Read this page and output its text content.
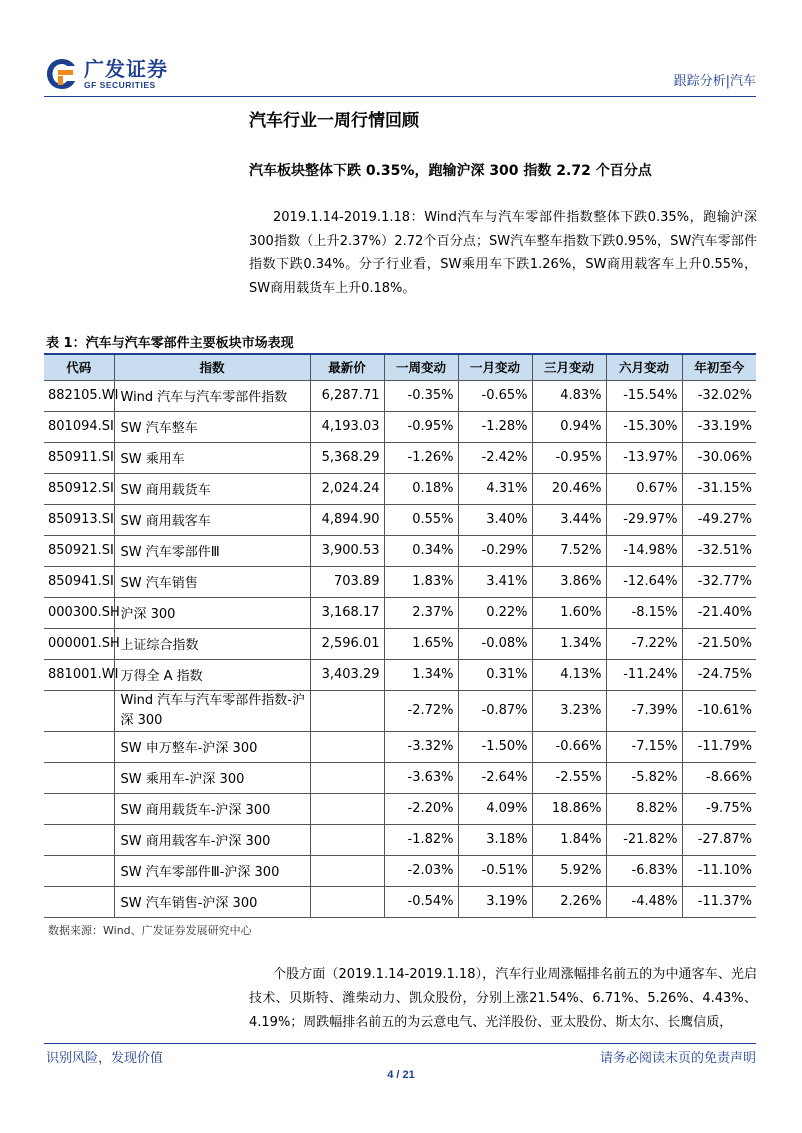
广发证券
GF SECURITIES	跟踪分析|汽车
汽车行业一周行情回顾
汽车板块整体下跌 0.35%，跑输沪深 300 指数 2.72 个百分点
2019.1.14-2019.1.18：Wind汽车与汽车零部件指数整体下跌0.35%，跑输沪深300指数（上升2.37%）2.72个百分点；SW汽车整车指数下跌0.95%，SW汽车零部件指数下跌0.34%。分子行业看，SW乘用车下跌1.26%，SW商用载客车上升0.55%，SW商用载货车上升0.18%。
表 1：汽车与汽车零部件主要板块市场表现
代码	指数	最新价	一周变动	一月变动	三月变动	六月变动	年初至今
882105.WI	Wind 汽车与汽车零部件指数	6,287.71	-0.35%	-0.65%	4.83%	-15.54%	-32.02%
801094.SI	SW 汽车整车	4,193.03	-0.95%	-1.28%	0.94%	-15.30%	-33.19%
850911.SI	SW 乘用车	5,368.29	-1.26%	-2.42%	-0.95%	-13.97%	-30.06%
850912.SI	SW 商用载货车	2,024.24	0.18%	4.31%	20.46%	0.67%	-31.15%
850913.SI	SW 商用载客车	4,894.90	0.55%	3.40%	3.44%	-29.97%	-49.27%
850921.SI	SW 汽车零部件Ⅲ	3,900.53	0.34%	-0.29%	7.52%	-14.98%	-32.51%
850941.SI	SW 汽车销售	703.89	1.83%	3.41%	3.86%	-12.64%	-32.77%
000300.SH	沪深 300	3,168.17	2.37%	0.22%	1.60%	-8.15%	-21.40%
000001.SH	上证综合指数	2,596.01	1.65%	-0.08%	1.34%	-7.22%	-21.50%
881001.WI	万得全 A 指数	3,403.29	1.34%	0.31%	4.13%	-11.24%	-24.75%
	Wind 汽车与汽车零部件指数-沪深 300		-2.72%	-0.87%	3.23%	-7.39%	-10.61%
	SW 申万整车-沪深 300		-3.32%	-1.50%	-0.66%	-7.15%	-11.79%
	SW 乘用车-沪深 300		-3.63%	-2.64%	-2.55%	-5.82%	-8.66%
	SW 商用载货车-沪深 300		-2.20%	4.09%	18.86%	8.82%	-9.75%
	SW 商用载客车-沪深 300		-1.82%	3.18%	1.84%	-21.82%	-27.87%
	SW 汽车零部件Ⅲ-沪深 300		-2.03%	-0.51%	5.92%	-6.83%	-11.10%
	SW 汽车销售-沪深 300		-0.54%	3.19%	2.26%	-4.48%	-11.37%
数据来源：Wind、广发证券发展研究中心
个股方面（2019.1.14-2019.1.18），汽车行业周涨幅排名前五的为中通客车、光启技术、贝斯特、潍柴动力、凯众股份，分别上涨21.54%、6.71%、5.26%、4.43%、4.19%；周跌幅排名前五的为云意电气、光洋股份、亚太股份、斯太尔、长鹰信质，
识别风险，发现价值	请务必阅读末页的免责声明
4 / 21
